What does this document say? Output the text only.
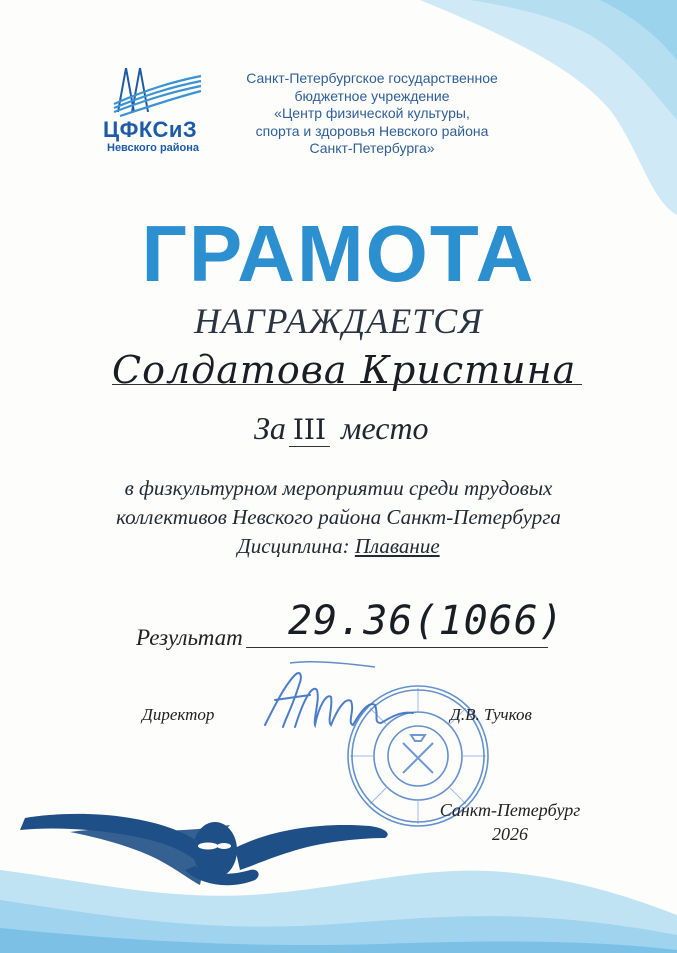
ЦФКСиЗ
Невского района
Санкт-Петербургское государственное
бюджетное учреждение
«Центр физической культуры,
спорта и здоровья Невского района
Санкт-Петербурга»
ГРАМОТА
НАГРАЖДАЕТСЯ
Солдатова Кристина
За III место
в физкультурном мероприятии среди трудовых
коллективов Невского района Санкт-Петербурга
Дисциплина: Плавание
Результат 29.36(1066)
Директор	Д.В. Тучков
Санкт-Петербург
2026
